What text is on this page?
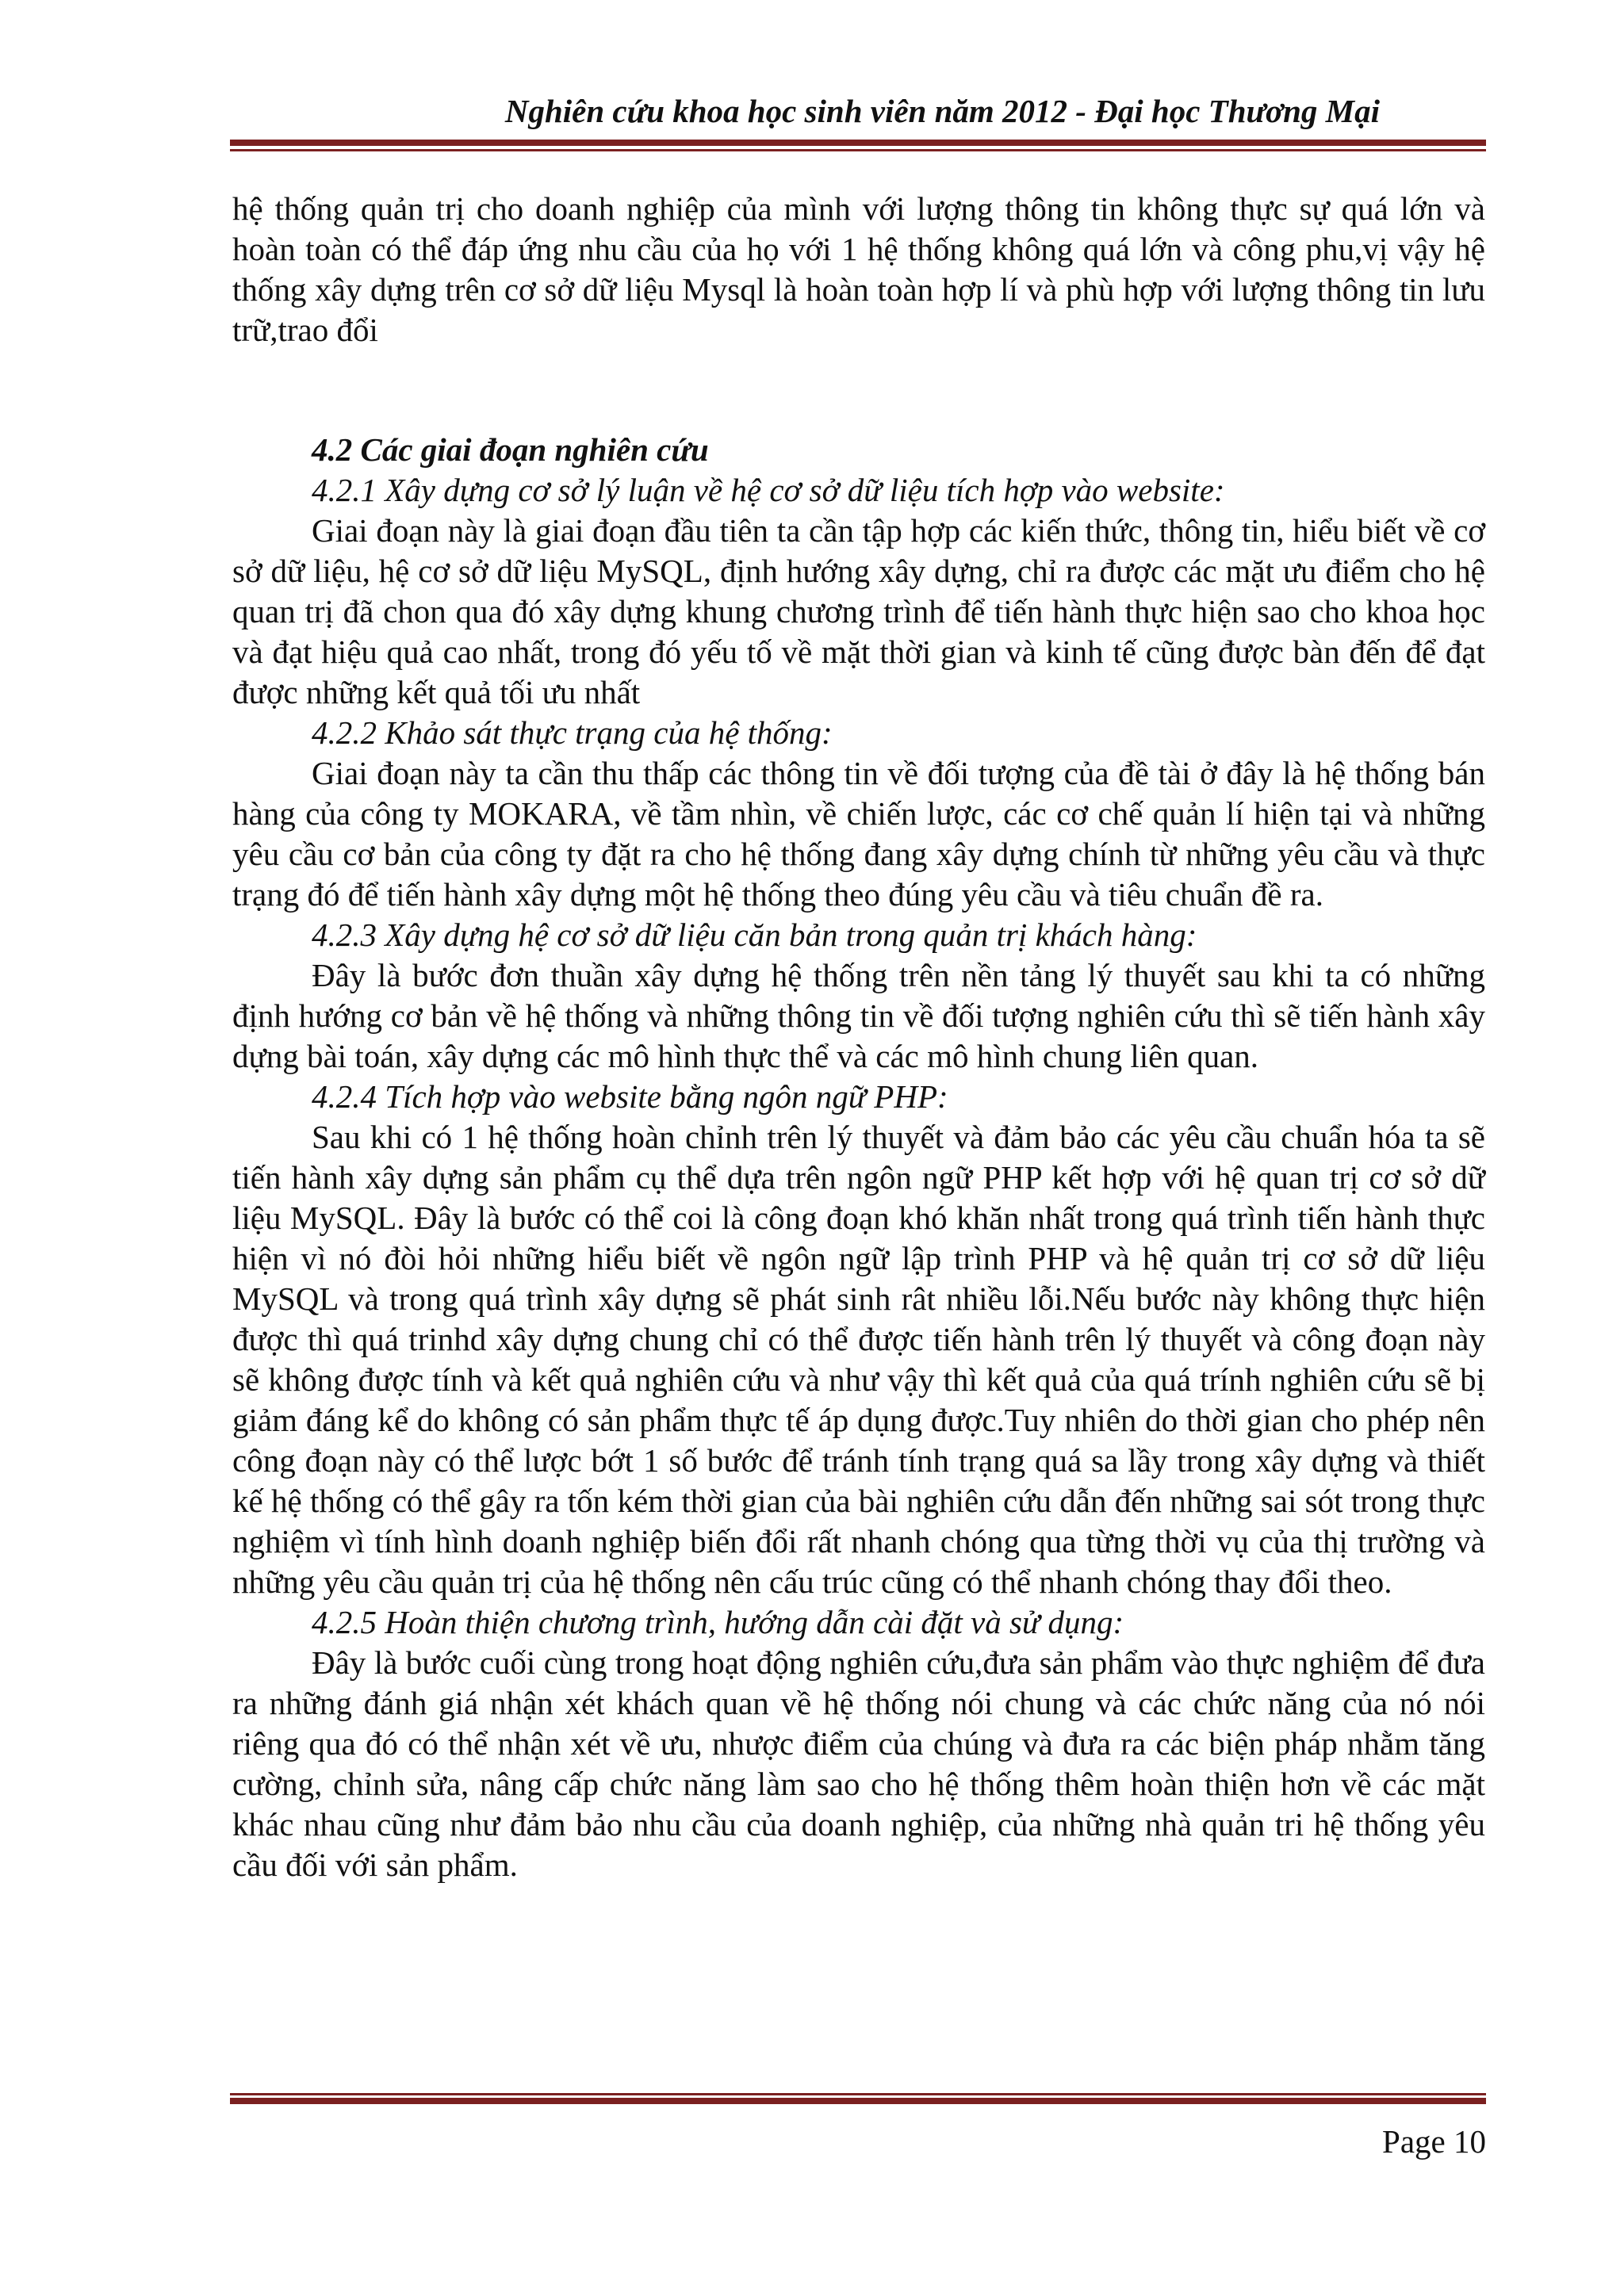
Nghiên cứu khoa học sinh viên năm 2012 - Đại học Thương Mại

hệ thống quản trị cho doanh nghiệp của mình với lượng thông tin không thực sự quá lớn và hoàn toàn có thể đáp ứng nhu cầu của họ với 1 hệ thống không quá lớn và công phu,vị vậy hệ thống xây dựng trên cơ sở dữ liệu Mysql là hoàn toàn hợp lí và phù hợp với lượng thông tin lưu trữ,trao đổi

4.2 Các giai đoạn nghiên cứu

4.2.1 Xây dựng cơ sở lý luận về hệ cơ sở dữ liệu tích hợp vào website:

Giai đoạn này là giai đoạn đầu tiên ta cần tập hợp các kiến thức, thông tin, hiểu biết về cơ sở dữ liệu, hệ cơ sở dữ liệu MySQL, định hướng xây dựng, chỉ ra được các mặt ưu điểm cho hệ quan trị đã chon qua đó xây dựng khung chương trình để tiến hành thực hiện sao cho khoa học và đạt hiệu quả cao nhất, trong đó yếu tố về mặt thời gian và kinh tế cũng được bàn đến để đạt được những kết quả tối ưu nhất

4.2.2 Khảo sát thực trạng của hệ thống:

Giai đoạn này ta cần thu thấp các thông tin về đối tượng của đề tài ở đây là hệ thống bán hàng của công ty MOKARA, về tầm nhìn, về chiến lược, các cơ chế quản lí hiện tại và những yêu cầu cơ bản của công ty đặt ra cho hệ thống đang xây dựng chính từ những yêu cầu và thực trạng đó để tiến hành xây dựng một hệ thống theo đúng yêu cầu và tiêu chuẩn đề ra.

4.2.3 Xây dựng hệ cơ sở dữ liệu căn bản trong quản trị khách hàng:

Đây là bước đơn thuần xây dựng hệ thống trên nền tảng lý thuyết sau khi ta có những định hướng cơ bản về hệ thống và những thông tin về đối tượng nghiên cứu thì sẽ tiến hành xây dựng bài toán, xây dựng các mô hình thực thể và các mô hình chung liên quan.

4.2.4 Tích hợp vào website bằng ngôn ngữ PHP:

Sau khi có 1 hệ thống hoàn chỉnh trên lý thuyết và đảm bảo các yêu cầu chuẩn hóa ta sẽ tiến hành xây dựng sản phẩm cụ thể dựa trên ngôn ngữ PHP kết hợp với hệ quan trị cơ sở dữ liệu MySQL. Đây là bước có thể coi là công đoạn khó khăn nhất trong quá trình tiến hành thực hiện vì nó đòi hỏi những hiểu biết về ngôn ngữ lập trình PHP và hệ quản trị cơ sở dữ liệu MySQL và trong quá trình xây dựng sẽ phát sinh rât nhiều lỗi.Nếu bước này không thực hiện được thì quá trinhd xây dựng chung chỉ có thể được tiến hành trên lý thuyết và công đoạn này sẽ không được tính và kết quả nghiên cứu và như vậy thì kết quả của quá trính nghiên cứu sẽ bị giảm đáng kể do không có sản phẩm thực tế áp dụng được.Tuy nhiên do thời gian cho phép nên công đoạn này có thể lược bớt 1 số bước để tránh tính trạng quá sa lầy trong xây dựng và thiết kế hệ thống có thể gây ra tốn kém thời gian của bài nghiên cứu dẫn đến những sai sót trong thực nghiệm vì tính hình doanh nghiệp biến đổi rất nhanh chóng qua từng thời vụ của thị trường và những yêu cầu quản trị của hệ thống nên cấu trúc cũng có thể nhanh chóng thay đổi theo.

4.2.5 Hoàn thiện chương trình, hướng dẫn cài đặt và sử dụng:

Đây là bước cuối cùng trong hoạt động nghiên cứu,đưa sản phẩm vào thực nghiệm để đưa ra những đánh giá nhận xét khách quan về hệ thống nói chung và các chức năng của nó nói riêng qua đó có thể nhận xét về ưu, nhược điểm của chúng và đưa ra các biện pháp nhằm tăng cường, chỉnh sửa, nâng cấp chức năng làm sao cho hệ thống thêm hoàn thiện hơn về các mặt khác nhau cũng như đảm bảo nhu cầu của doanh nghiệp, của những nhà quản tri hệ thống yêu cầu đối với sản phẩm.

Page 10
